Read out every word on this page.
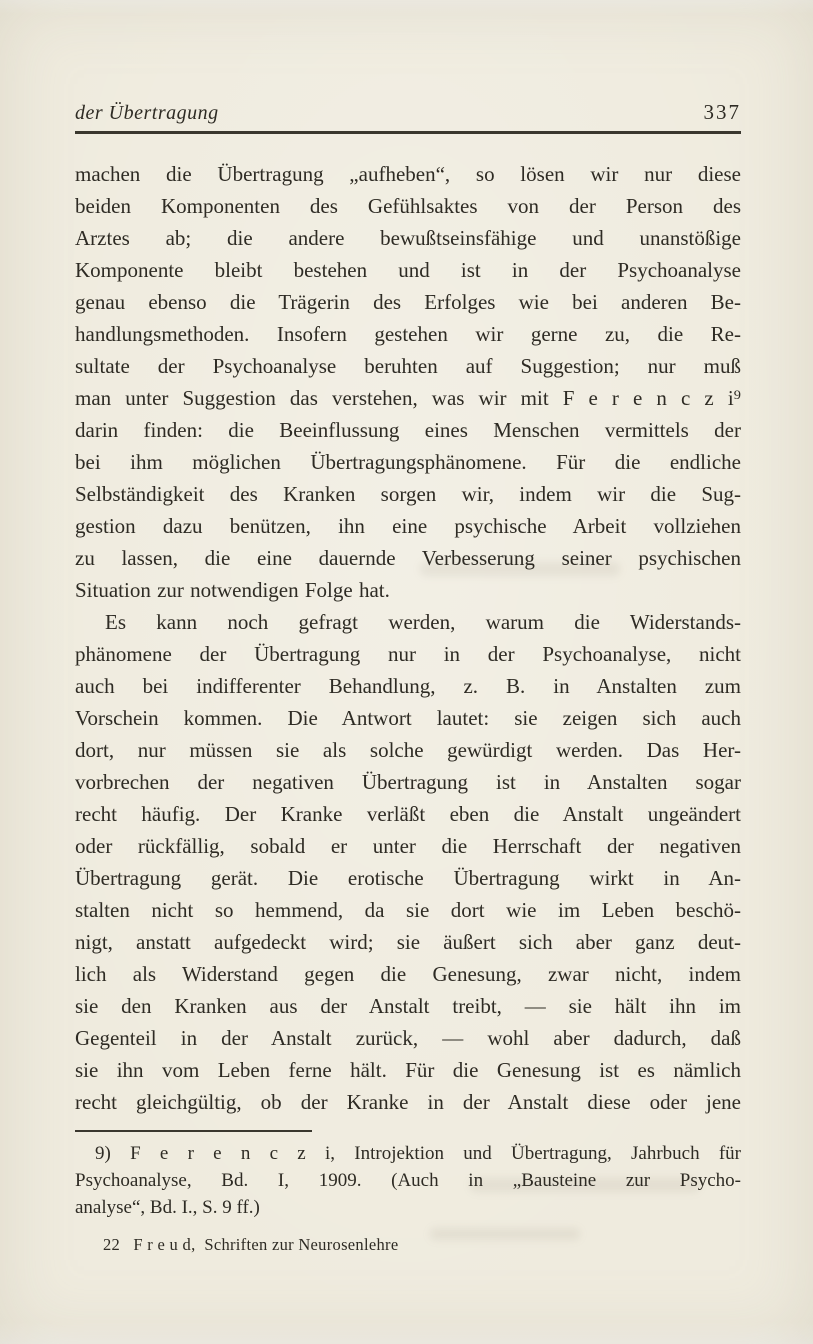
der Übertragung	337
machen die Übertragung „aufheben“, so lösen wir nur diese
beiden Komponenten des Gefühlsaktes von der Person des
Arztes ab; die andere bewußtseinsfähige und unanstößige
Komponente bleibt bestehen und ist in der Psychoanalyse
genau ebenso die Trägerin des Erfolges wie bei anderen Be-
handlungsmethoden. Insofern gestehen wir gerne zu, die Re-
sultate der Psychoanalyse beruhten auf Suggestion; nur muß
man unter Suggestion das verstehen, was wir mit F e r e n c z i⁹
darin finden: die Beeinflussung eines Menschen vermittels der
bei ihm möglichen Übertragungsphänomene. Für die endliche
Selbständigkeit des Kranken sorgen wir, indem wir die Sug-
gestion dazu benützen, ihn eine psychische Arbeit vollziehen
zu lassen, die eine dauernde Verbesserung seiner psychischen
Situation zur notwendigen Folge hat.
Es kann noch gefragt werden, warum die Widerstands-
phänomene der Übertragung nur in der Psychoanalyse, nicht
auch bei indifferenter Behandlung, z. B. in Anstalten zum
Vorschein kommen. Die Antwort lautet: sie zeigen sich auch
dort, nur müssen sie als solche gewürdigt werden. Das Her-
vorbrechen der negativen Übertragung ist in Anstalten sogar
recht häufig. Der Kranke verläßt eben die Anstalt ungeändert
oder rückfällig, sobald er unter die Herrschaft der negativen
Übertragung gerät. Die erotische Übertragung wirkt in An-
stalten nicht so hemmend, da sie dort wie im Leben beschö-
nigt, anstatt aufgedeckt wird; sie äußert sich aber ganz deut-
lich als Widerstand gegen die Genesung, zwar nicht, indem
sie den Kranken aus der Anstalt treibt, — sie hält ihn im
Gegenteil in der Anstalt zurück, — wohl aber dadurch, daß
sie ihn vom Leben ferne hält. Für die Genesung ist es nämlich
recht gleichgültig, ob der Kranke in der Anstalt diese oder jene
9) F e r e n c z i, Introjektion und Übertragung, Jahrbuch für
Psychoanalyse, Bd. I, 1909. (Auch in „Bausteine zur Psycho-
analyse“, Bd. I., S. 9 ff.)
22   F r e u d,  Schriften zur Neurosenlehre
